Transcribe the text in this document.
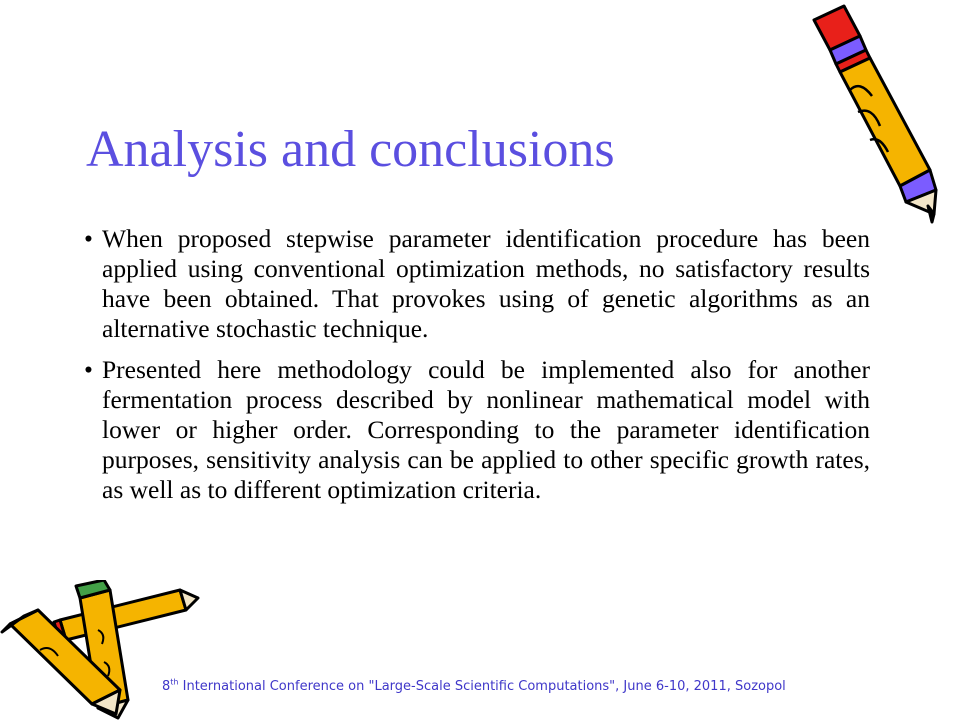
Analysis and conclusions
• When proposed stepwise parameter identification procedure has been applied using conventional optimization methods, no satisfactory results have been obtained. That provokes using of genetic algorithms as an alternative stochastic technique.
• Presented here methodology could be implemented also for another fermentation process described by nonlinear mathematical model with lower or higher order. Corresponding to the parameter identification purposes, sensitivity analysis can be applied to other specific growth rates, as well as to different optimization criteria.
8th International Conference on "Large-Scale Scientific Computations", June 6-10, 2011, Sozopol
